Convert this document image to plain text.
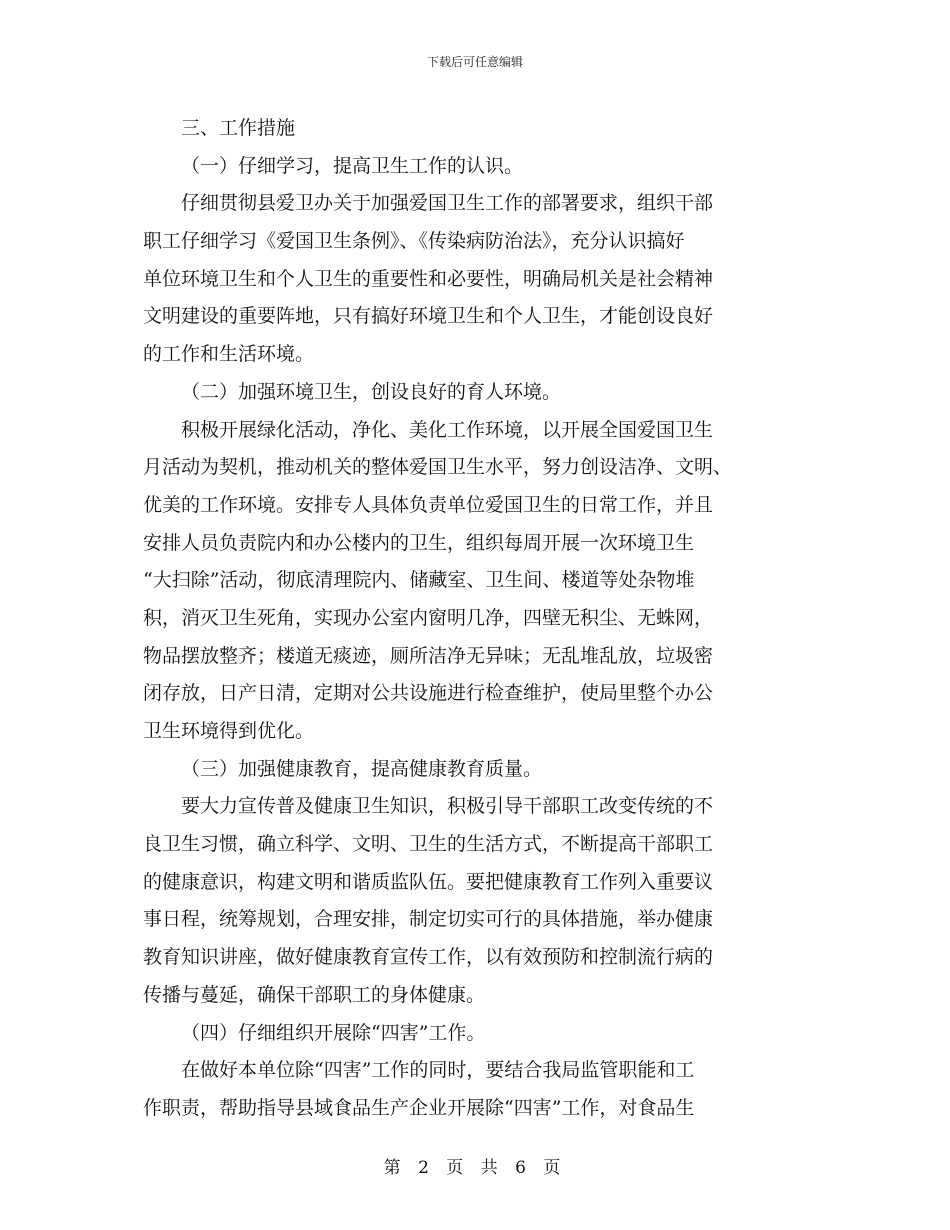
下载后可任意编辑
三、工作措施
（一）仔细学习，提高卫生工作的认识。
仔细贯彻县爱卫办关于加强爱国卫生工作的部署要求，组织干部
职工仔细学习《爱国卫生条例》、《传染病防治法》，充分认识搞好
单位环境卫生和个人卫生的重要性和必要性，明确局机关是社会精神
文明建设的重要阵地，只有搞好环境卫生和个人卫生，才能创设良好
的工作和生活环境。
（二）加强环境卫生，创设良好的育人环境。
积极开展绿化活动，净化、美化工作环境，以开展全国爱国卫生
月活动为契机，推动机关的整体爱国卫生水平，努力创设洁净、文明、
优美的工作环境。安排专人具体负责单位爱国卫生的日常工作，并且
安排人员负责院内和办公楼内的卫生，组织每周开展一次环境卫生
“大扫除”活动，彻底清理院内、储藏室、卫生间、楼道等处杂物堆
积，消灭卫生死角，实现办公室内窗明几净，四壁无积尘、无蛛网，
物品摆放整齐；楼道无痰迹，厕所洁净无异味；无乱堆乱放，垃圾密
闭存放，日产日清，定期对公共设施进行检查维护，使局里整个办公
卫生环境得到优化。
（三）加强健康教育，提高健康教育质量。
要大力宣传普及健康卫生知识，积极引导干部职工改变传统的不
良卫生习惯，确立科学、文明、卫生的生活方式，不断提高干部职工
的健康意识，构建文明和谐质监队伍。要把健康教育工作列入重要议
事日程，统筹规划，合理安排，制定切实可行的具体措施，举办健康
教育知识讲座，做好健康教育宣传工作，以有效预防和控制流行病的
传播与蔓延，确保干部职工的身体健康。
（四）仔细组织开展除“四害”工作。
在做好本单位除“四害”工作的同时，要结合我局监管职能和工
作职责，帮助指导县域食品生产企业开展除“四害”工作，对食品生
第 2 页 共 6 页
